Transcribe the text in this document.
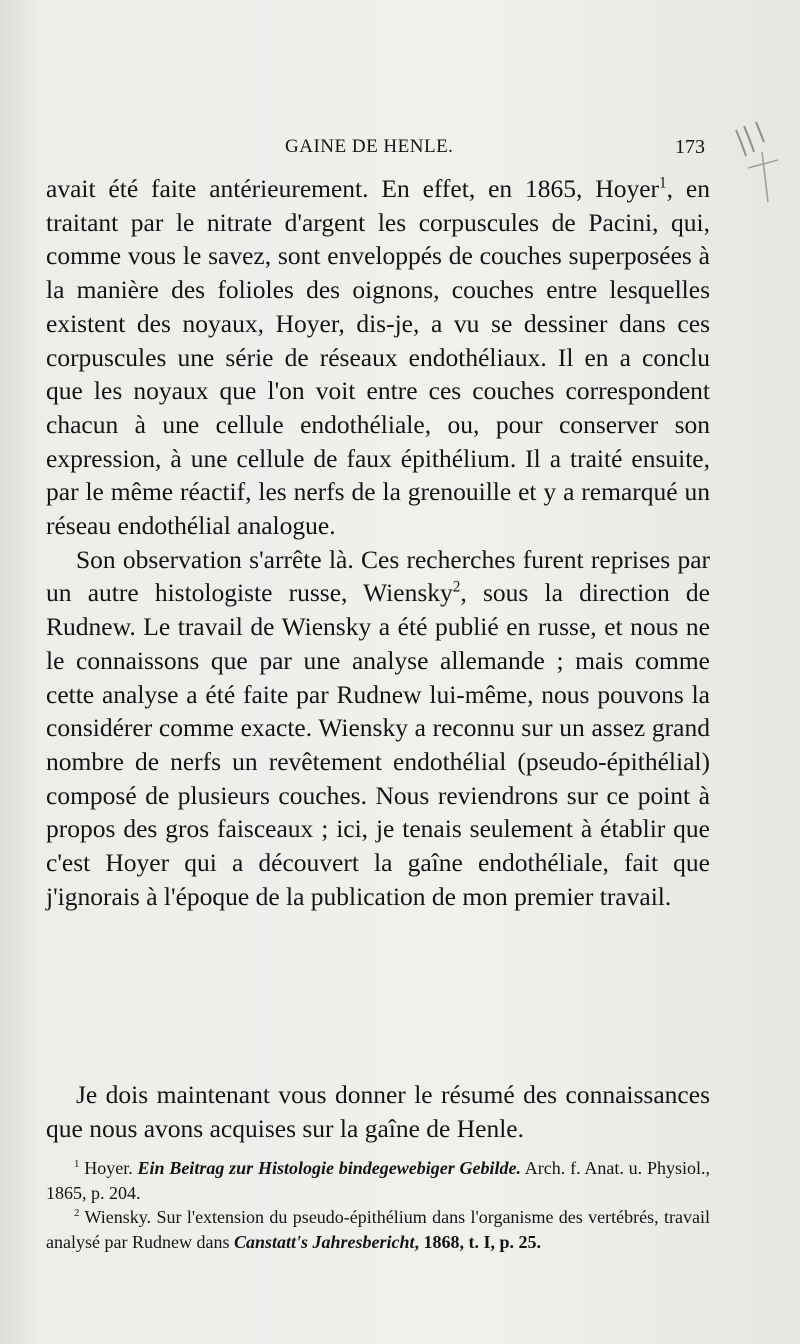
GAINE DE HENLE.	173

avait été faite antérieurement. En effet, en 1865, Hoyer$^1$, en traitant par le nitrate d'argent les corpuscules de Pacini, qui, comme vous le savez, sont enveloppés de couches superposées à la manière des folioles des oignons, couches entre lesquelles existent des noyaux, Hoyer, dis-je, a vu se dessiner dans ces corpuscules une série de réseaux endothéliaux. Il en a conclu que les noyaux que l'on voit entre ces couches correspondent chacun à une cellule endothéliale, ou, pour conserver son expression, à une cellule de faux épithélium. Il a traité ensuite, par le même réactif, les nerfs de la grenouille et y a remarqué un réseau endothélial analogue.

Son observation s'arrête là. Ces recherches furent reprises par un autre histologiste russe, Wiensky$^2$, sous la direction de Rudnew. Le travail de Wiensky a été publié en russe, et nous ne le connaissons que par une analyse allemande ; mais comme cette analyse a été faite par Rudnew lui-même, nous pouvons la considérer comme exacte. Wiensky a reconnu sur un assez grand nombre de nerfs un revêtement endothélial (pseudo-épithélial) composé de plusieurs couches. Nous reviendrons sur ce point à propos des gros faisceaux ; ici, je tenais seulement à établir que c'est Hoyer qui a découvert la gaîne endothéliale, fait que j'ignorais à l'époque de la publication de mon premier travail.

Je dois maintenant vous donner le résumé des connaissances que nous avons acquises sur la gaîne de Henle.

$^1$ Hoyer. Ein Beitrag zur Histologie bindegewebiger Gebilde. Arch. f. Anat. u. Physiol., 1865, p. 204.

$^2$ Wiensky. Sur l'extension du pseudo-épithélium dans l'organisme des vertébrés, travail analysé par Rudnew dans Canstatt's Jahresbericht, 1868, t. I, p. 25.
